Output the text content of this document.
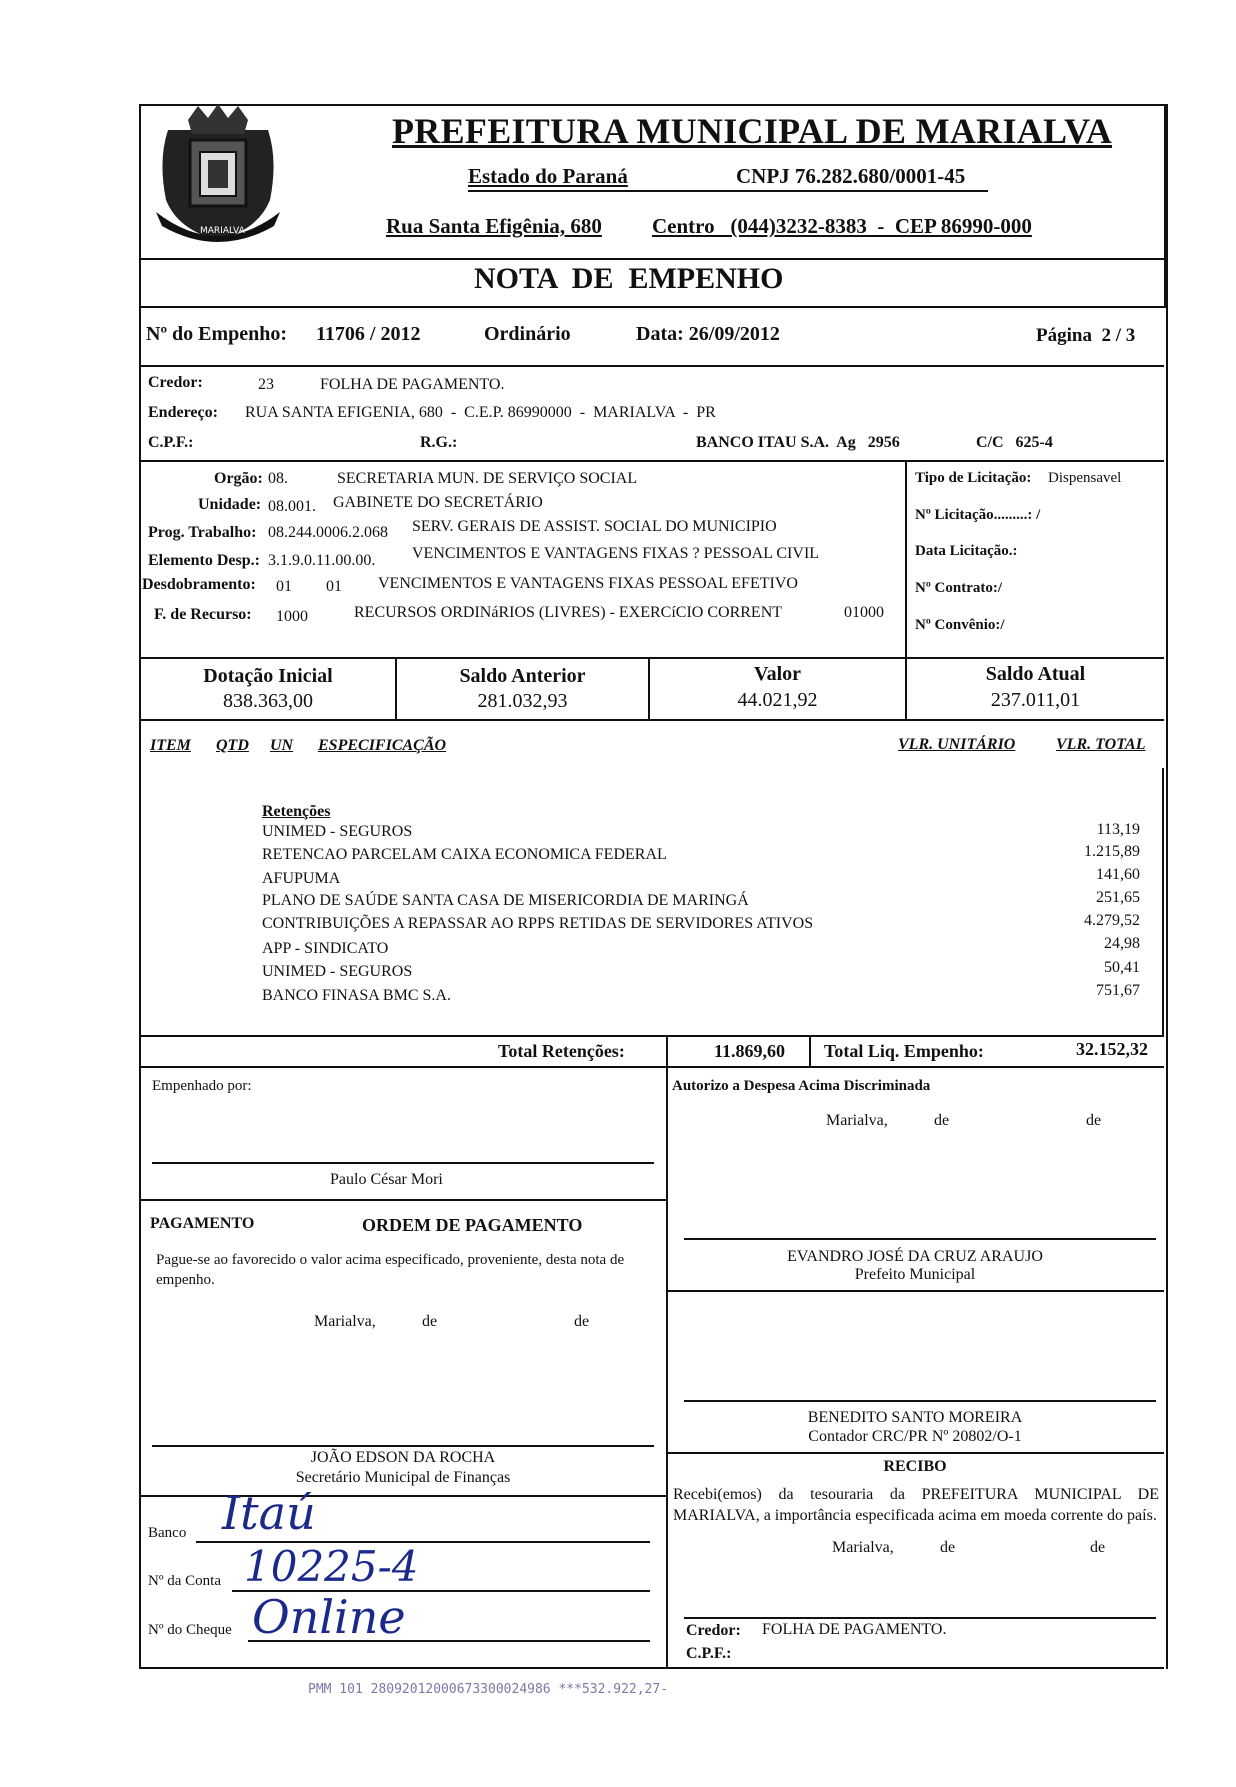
MARIALVA
PREFEITURA MUNICIPAL DE MARIALVA
Estado do Paraná	CNPJ 76.282.680/0001-45
Rua Santa Efigênia, 680 Centro   (044)3232-8383  -  CEP 86990-000
NOTA  DE  EMPENHO
Nº do Empenho: 11706 / 2012	Ordinário	Data: 26/09/2012	Página  2 / 3
Credor:	23	FOLHA DE PAGAMENTO.
Endereço: RUA SANTA EFIGENIA, 680  -  C.E.P. 86990000  -  MARIALVA  -  PR
C.P.F.:	R.G.:	BANCO ITAU S.A.  Ag   2956	C/C   625-4
Orgão: 08.	SECRETARIA MUN. DE SERVIÇO SOCIAL
Unidade: 08.001. GABINETE DO SECRETÁRIO
Prog. Trabalho: 08.244.0006.2.068 SERV. GERAIS DE ASSIST. SOCIAL DO MUNICIPIO
Elemento Desp.: 3.1.9.0.11.00.00. VENCIMENTOS E VANTAGENS FIXAS ? PESSOAL CIVIL
Desdobramento: 01 01 VENCIMENTOS E VANTAGENS FIXAS PESSOAL EFETIVO
F. de Recurso: 1000	RECURSOS ORDINáRIOS (LIVRES) - EXERCíCIO CORRENT	01000
Tipo de Licitação: Dispensavel
Nº Licitação.........: /
Data Licitação.:
Nº Contrato:/
Nº Convênio:/
Dotação Inicial
838.363,00
Saldo Anterior
281.032,93
Valor
44.021,92
Saldo Atual
237.011,01
ITEM QTD UN ESPECIFICAÇÃO	VLR. UNITÁRIO	VLR. TOTAL
Retenções
UNIMED - SEGUROS	113,19
RETENCAO PARCELAM CAIXA ECONOMICA FEDERAL	1.215,89
AFUPUMA	141,60
PLANO DE SAÚDE SANTA CASA DE MISERICORDIA DE MARINGÁ	251,65
CONTRIBUIÇÕES A REPASSAR AO RPPS RETIDAS DE SERVIDORES ATIVOS	4.279,52
APP - SINDICATO	24,98
UNIMED - SEGUROS	50,41
BANCO FINASA BMC S.A.	751,67
Total Retenções:	11.869,60 Total Liq. Empenho:	32.152,32
Empenhado por:
Paulo César Mori
PAGAMENTO	ORDEM DE PAGAMENTO
Pague-se ao favorecido o valor acima especificado, proveniente, desta nota de empenho.
Marialva,	de	de
JOÃO EDSON DA ROCHA
Secretário Municipal de Finanças
Banco Itaú
Nº da Conta 10225-4
Nº do Cheque Online
Autorizo a Despesa Acima Discriminada
Marialva,	de	de
EVANDRO JOSÉ DA CRUZ ARAUJO
Prefeito Municipal
BENEDITO SANTO MOREIRA
Contador CRC/PR Nº 20802/O-1
RECIBO
Recebi(emos) da tesouraria da PREFEITURA MUNICIPAL DE MARIALVA, a importância especificada acima em moeda corrente do país.
Marialva,	de	de
Credor: FOLHA DE PAGAMENTO.
C.P.F.:
PMM 101 28092012000673300024986 ***532.922,27-
